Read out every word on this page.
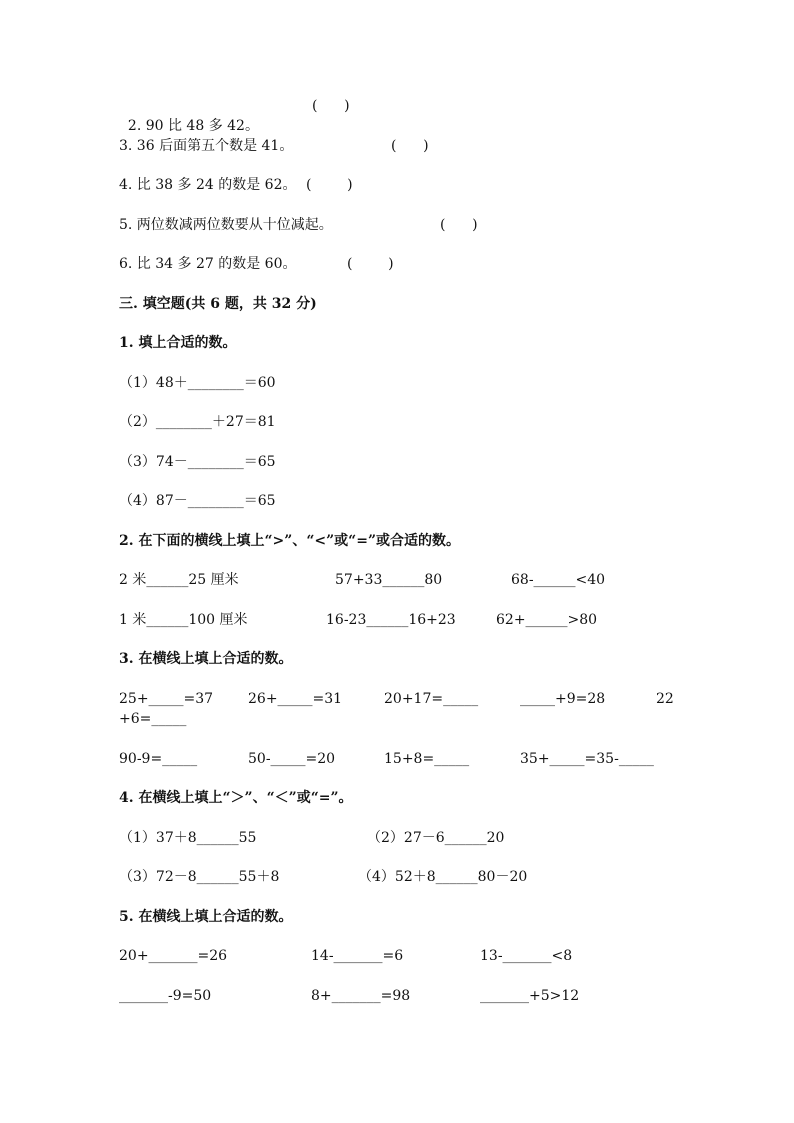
2. 90 比 48 多 42。

(      )
3. 36 后面第五个数是 41。	(      )
4. 比 38 多 24 的数是 62。 (        )
5. 两位数减两位数要从十位减起。	(      )
6. 比 34 多 27 的数是 60。	(        )
三. 填空题(共 6 题，共 32 分)
1. 填上合适的数。
（1）48＋________＝60
（2）________＋27＝81
（3）74－________＝65
（4）87－________＝65
2. 在下面的横线上填上“>”、“<”或“=”或合适的数。
2 米______25 厘米	57+33______80	68-______<40
1 米______100 厘米	16-23______16+23	62+______>80
3. 在横线上填上合适的数。
25+_____=37 26+_____=31	20+17=_____	_____+9=28	22
+6=_____
90-9=_____	50-_____=20	15+8=_____	35+_____=35-_____
4. 在横线上填上“＞”、“＜”或“=”。
（1）37＋8______55	（2）27－6______20
（3）72－8______55＋8	（4）52＋8______80－20
5. 在横线上填上合适的数。
20+_______=26	14-_______=6	13-_______<8
_______-9=50	8+_______=98	_______+5>12
